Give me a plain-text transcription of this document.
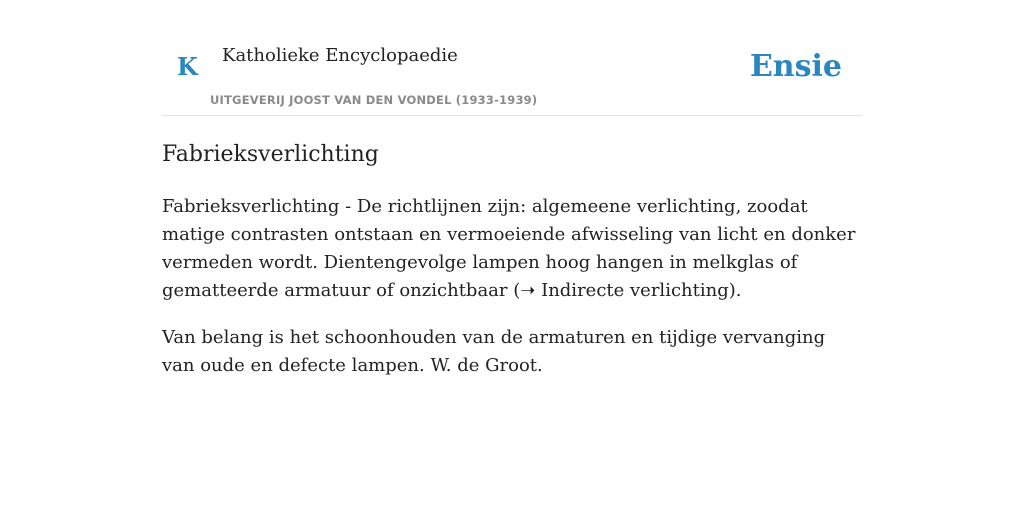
K Katholieke Encyclopaedie
UITGEVERIJ JOOST VAN DEN VONDEL (1933-1939)
Ensie
Fabrieksverlichting

Fabrieksverlichting - De richtlijnen zijn: algemeene verlichting, zoodat matige contrasten ontstaan en vermoeiende afwisseling van licht en donker vermeden wordt. Dientengevolge lampen hoog hangen in melkglas of gematteerde armatuur of onzichtbaar (➝ Indirecte verlichting).

Van belang is het schoonhouden van de armaturen en tijdige vervanging van oude en defecte lampen. W. de Groot.
